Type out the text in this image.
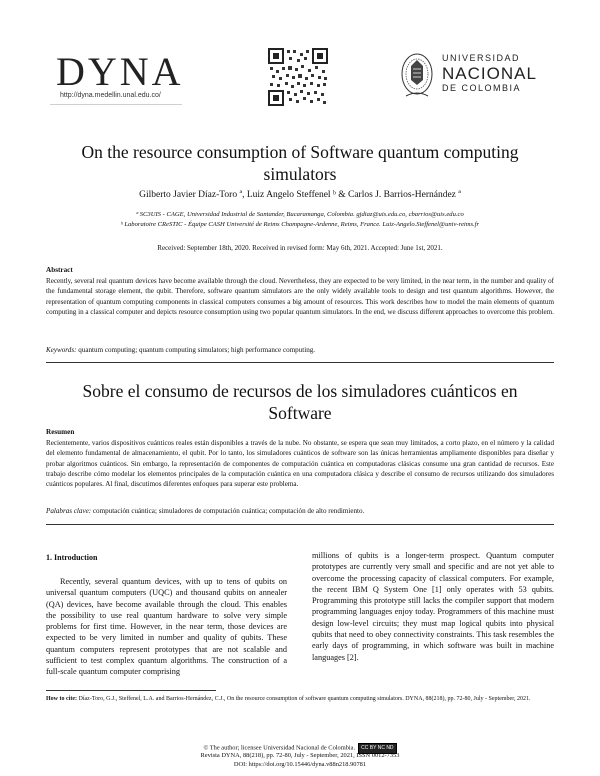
DYNA
http://dyna.medellin.unal.edu.co/
UNIVERSIDAD
NACIONAL
DE COLOMBIA
On the resource consumption of Software quantum computing simulators
Gilberto Javier Díaz-Toro ª, Luiz Angelo Steffenel ᵇ & Carlos J. Barrios-Hernández ª
ª SC3UIS - CAGE, Universidad Industrial de Santander, Bucaramanga, Colombia. gjdiaz@uis.edu.co, cbarrios@uis.edu.co
ᵇ Laboratoire CReSTIC - Équipe CASH Université de Reims Champagne-Ardenne, Reims, France. Luiz-Angelo.Steffenel@univ-reims.fr
Received: September 18th, 2020. Received in revised form: May 6th, 2021. Accepted: June 1st, 2021.
Abstract
Recently, several real quantum devices have become available through the cloud. Nevertheless, they are expected to be very limited, in the near term, in the number and quality of the fundamental storage element, the qubit. Therefore, software quantum simulators are the only widely available tools to design and test quantum algorithms. However, the representation of quantum computing components in classical computers consumes a big amount of resources. This work describes how to model the main elements of quantum computing in a classical computer and depicts resource consumption using two popular quantum simulators. In the end, we discuss different approaches to overcome this problem.
Keywords: quantum computing; quantum computing simulators; high performance computing.
Sobre el consumo de recursos de los simuladores cuánticos en Software
Resumen
Recientemente, varios dispositivos cuánticos reales están disponibles a través de la nube. No obstante, se espera que sean muy limitados, a corto plazo, en el número y la calidad del elemento fundamental de almacenamiento, el qubit. Por lo tanto, los simuladores cuánticos de software son las únicas herramientas ampliamente disponibles para diseñar y probar algoritmos cuánticos. Sin embargo, la representación de componentes de computación cuántica en computadoras clásicas consume una gran cantidad de recursos. Este trabajo describe cómo modelar los elementos principales de la computación cuántica en una computadora clásica y describe el consumo de recursos utilizando dos simuladores cuánticos populares. Al final, discutimos diferentes enfoques para superar este problema.
Palabras clave: computación cuántica; simuladores de computación cuántica; computación de alto rendimiento.
1. Introduction

Recently, several quantum devices, with up to tens of qubits on universal quantum computers (UQC) and thousand qubits on annealer (QA) devices, have become available through the cloud. This enables the possibility to use real quantum hardware to solve very simple problems for first time. However, in the near term, those devices are expected to be very limited in number and quality of qubits. These quantum computers represent prototypes that are not scalable and sufficient to test complex quantum algorithms. The construction of a full-scale quantum computer comprising

millions of qubits is a longer-term prospect. Quantum computer prototypes are currently very small and specific and are not yet able to overcome the processing capacity of classical computers. For example, the recent IBM Q System One [1] only operates with 53 qubits. Programming this prototype still lacks the compiler support that modern programming languages enjoy today. Programmers of this machine must design low-level circuits; they must map logical qubits into physical qubits that need to obey connectivity constraints. This task resembles the early days of programming, in which software was built in machine languages [2].

How to cite: Díaz-Toro, G.J., Steffenel, L.A. and Barrios-Hernández, C.J., On the resource consumption of software quantum computing simulators. DYNA, 88(218), pp. 72-80, July - September, 2021.
© The author; licensee Universidad Nacional de Colombia. CC BY NC ND
Revista DYNA, 88(218), pp. 72-80, July - September, 2021, ISSN 0012-7353
DOI: https://doi.org/10.15446/dyna.v88n218.90781
